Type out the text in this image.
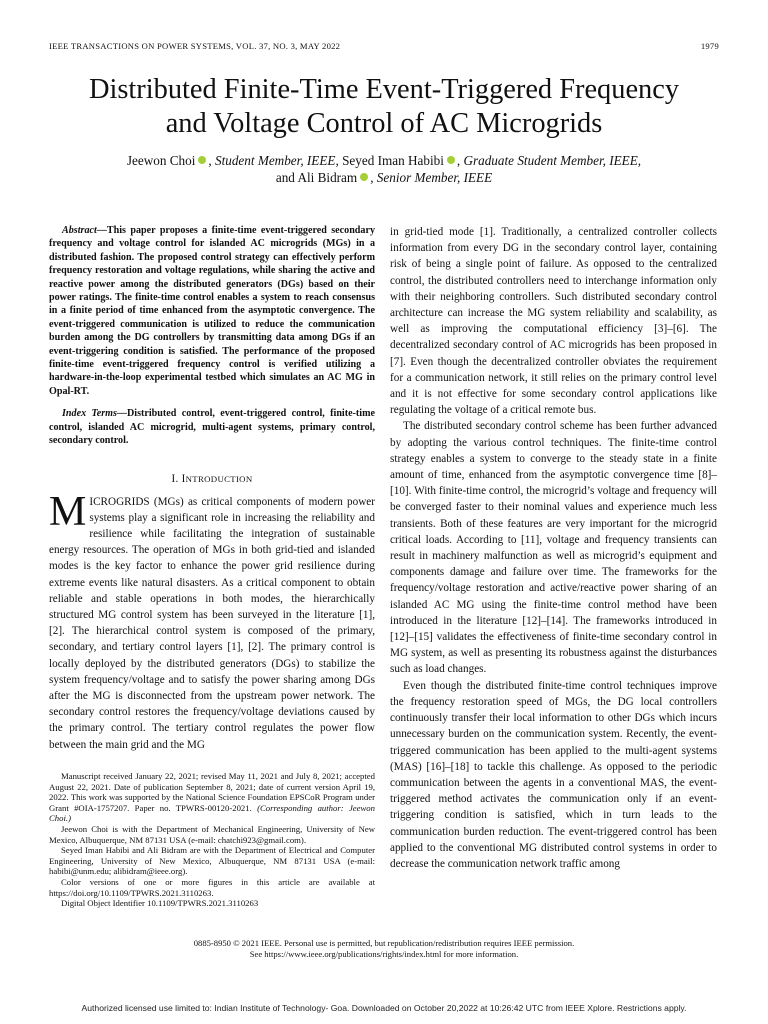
IEEE TRANSACTIONS ON POWER SYSTEMS, VOL. 37, NO. 3, MAY 2022	1979
Distributed Finite-Time Event-Triggered Frequency
and Voltage Control of AC Microgrids
Jeewon Choi , Student Member, IEEE, Seyed Iman Habibi , Graduate Student Member, IEEE,
and Ali Bidram , Senior Member, IEEE

Abstract—This paper proposes a finite-time event-triggered secondary frequency and voltage control for islanded AC microgrids (MGs) in a distributed fashion. The proposed control strategy can effectively perform frequency restoration and voltage regulations, while sharing the active and reactive power among the distributed generators (DGs) based on their power ratings. The finite-time control enables a system to reach consensus in a finite period of time enhanced from the asymptotic convergence. The event-triggered communication is utilized to reduce the communication burden among the DG controllers by transmitting data among DGs if an event-triggering condition is satisfied. The performance of the proposed finite-time event-triggered frequency control is verified utilizing a hardware-in-the-loop experimental testbed which simulates an AC MG in Opal-RT.

Index Terms—Distributed control, event-triggered control, finite-time control, islanded AC microgrid, multi-agent systems, primary control, secondary control.

I. INTRODUCTION

MICROGRIDS (MGs) as critical components of modern power systems play a significant role in increasing the reliability and resilience while facilitating the integration of sustainable energy resources. The operation of MGs in both grid-tied and islanded modes is the key factor to enhance the power grid resilience during extreme events like natural disasters. As a critical component to obtain reliable and stable operations in both modes, the hierarchically structured MG control system has been surveyed in the literature [1], [2]. The hierarchical control system is composed of the primary, secondary, and tertiary control layers [1], [2]. The primary control is locally deployed by the distributed generators (DGs) to stabilize the system frequency/voltage and to satisfy the power sharing among DGs after the MG is disconnected from the upstream power network. The secondary control restores the frequency/voltage deviations caused by the primary control. The tertiary control regulates the power flow between the main grid and the MG

Manuscript received January 22, 2021; revised May 11, 2021 and July 8, 2021; accepted August 22, 2021. Date of publication September 8, 2021; date of current version April 19, 2022. This work was supported by the National Science Foundation EPSCoR Program under Grant #OIA-1757207. Paper no. TPWRS-00120-2021. (Corresponding author: Jeewon Choi.)

Jeewon Choi is with the Department of Mechanical Engineering, University of New Mexico, Albuquerque, NM 87131 USA (e-mail: chatchi923@gmail.com).

Seyed Iman Habibi and Ali Bidram are with the Department of Electrical and Computer Engineering, University of New Mexico, Albuquerque, NM 87131 USA (e-mail: habibi@unm.edu; alibidram@ieee.org).

Color versions of one or more figures in this article are available at https://doi.org/10.1109/TPWRS.2021.3110263.

Digital Object Identifier 10.1109/TPWRS.2021.3110263

in grid-tied mode [1]. Traditionally, a centralized controller collects information from every DG in the secondary control layer, containing risk of being a single point of failure. As opposed to the centralized control, the distributed controllers need to interchange information only with their neighboring controllers. Such distributed secondary control architecture can increase the MG system reliability and scalability, as well as improving the computational efficiency [3]–[6]. The decentralized secondary control of AC microgrids has been proposed in [7]. Even though the decentralized controller obviates the requirement for a communication network, it still relies on the primary control level and it is not effective for some secondary control applications like regulating the voltage of a critical remote bus.

The distributed secondary control scheme has been further advanced by adopting the various control techniques. The finite-time control strategy enables a system to converge to the steady state in a finite amount of time, enhanced from the asymptotic convergence time [8]–[10]. With finite-time control, the microgrid’s voltage and frequency will be converged faster to their nominal values and experience much less transients. Both of these features are very important for the microgrid critical loads. According to [11], voltage and frequency transients can result in machinery malfunction as well as microgrid’s equipment and components damage and failure over time. The frameworks for the frequency/voltage restoration and active/reactive power sharing of an islanded AC MG using the finite-time control method have been introduced in the literature [12]–[14]. The frameworks introduced in [12]–[15] validates the effectiveness of finite-time secondary control in MG system, as well as presenting its robustness against the disturbances such as load changes.

Even though the distributed finite-time control techniques improve the frequency restoration speed of MGs, the DG local controllers continuously transfer their local information to other DGs which incurs unnecessary burden on the communication system. Recently, the event-triggered communication has been applied to the multi-agent systems (MAS) [16]–[18] to tackle this challenge. As opposed to the periodic communication between the agents in a conventional MAS, the event-triggered method activates the communication only if an event-triggering condition is satisfied, which in turn leads to the communication burden reduction. The event-triggered control has been applied to the conventional MG distributed control systems in order to decrease the communication network traffic among

0885-8950 © 2021 IEEE. Personal use is permitted, but republication/redistribution requires IEEE permission.
See https://www.ieee.org/publications/rights/index.html for more information.
Authorized licensed use limited to: Indian Institute of Technology- Goa. Downloaded on October 20,2022 at 10:26:42 UTC from IEEE Xplore. Restrictions apply.
